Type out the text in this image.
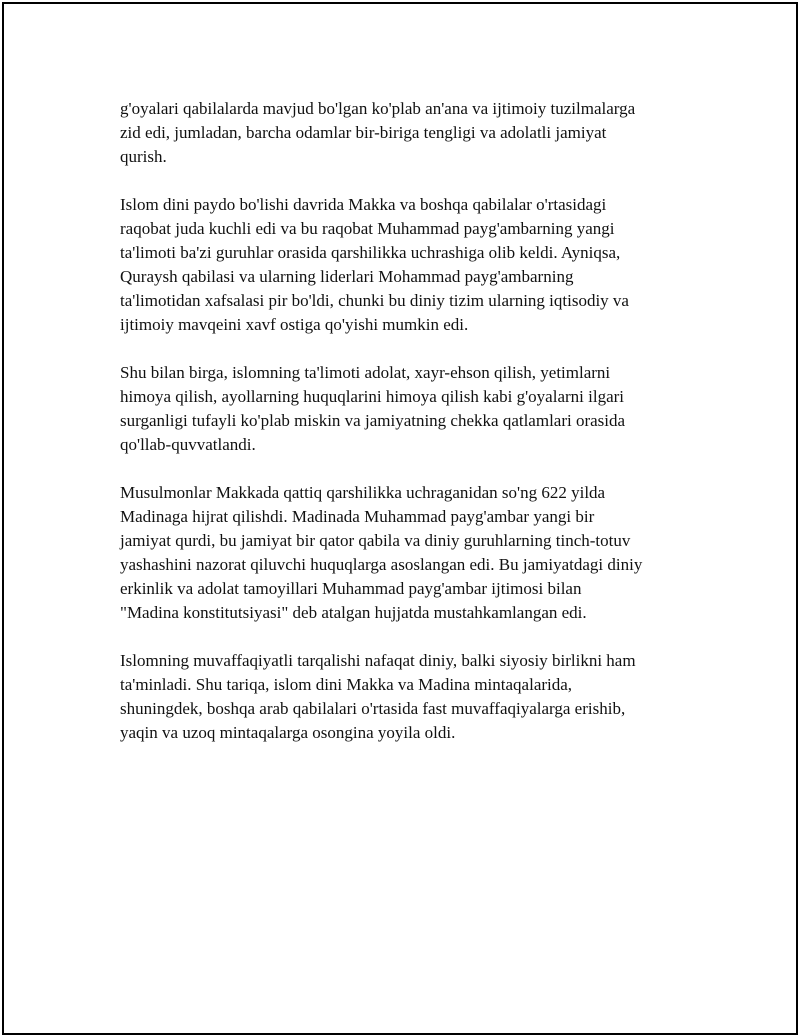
g'oyalari qabilalarda mavjud bo'lgan ko'plab an'ana va ijtimoiy tuzilmalarga
zid edi, jumladan, barcha odamlar bir-biriga tengligi va adolatli jamiyat
qurish.

Islom dini paydo bo'lishi davrida Makka va boshqa qabilalar o'rtasidagi
raqobat juda kuchli edi va bu raqobat Muhammad payg'ambarning yangi
ta'limoti ba'zi guruhlar orasida qarshilikka uchrashiga olib keldi. Ayniqsa,
Quraysh qabilasi va ularning liderlari Mohammad payg'ambarning
ta'limotidan xafsalasi pir bo'ldi, chunki bu diniy tizim ularning iqtisodiy va
ijtimoiy mavqeini xavf ostiga qo'yishi mumkin edi.

Shu bilan birga, islomning ta'limoti adolat, xayr-ehson qilish, yetimlarni
himoya qilish, ayollarning huquqlarini himoya qilish kabi g'oyalarni ilgari
surganligi tufayli ko'plab miskin va jamiyatning chekka qatlamlari orasida
qo'llab-quvvatlandi.

Musulmonlar Makkada qattiq qarshilikka uchraganidan so'ng 622 yilda
Madinaga hijrat qilishdi. Madinada Muhammad payg'ambar yangi bir
jamiyat qurdi, bu jamiyat bir qator qabila va diniy guruhlarning tinch-totuv
yashashini nazorat qiluvchi huquqlarga asoslangan edi. Bu jamiyatdagi diniy
erkinlik va adolat tamoyillari Muhammad payg'ambar ijtimosi bilan
"Madina konstitutsiyasi" deb atalgan hujjatda mustahkamlangan edi.

Islomning muvaffaqiyatli tarqalishi nafaqat diniy, balki siyosiy birlikni ham
ta'minladi. Shu tariqa, islom dini Makka va Madina mintaqalarida,
shuningdek, boshqa arab qabilalari o'rtasida fast muvaffaqiyalarga erishib,
yaqin va uzoq mintaqalarga osongina yoyila oldi.
